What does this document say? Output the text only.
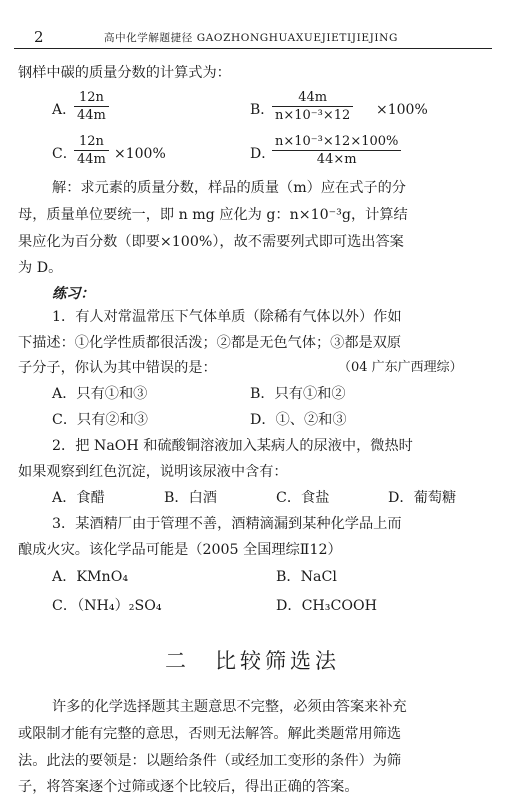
2	高中化学解题捷径 GAOZHONGHUAXUEJIETIJIEJING
钢样中碳的质量分数的计算式为：
A．
$\frac{12n}{44m}$	B．
$\frac{44m}{\text{n×10⁻³×12}} \times 100\%$
C．
$\frac{12n}{44m} \times 100\%$	D．
$\frac{\text{n×10⁻³×12×100\%}}{44\times m}$
解：求元素的质量分数，样品的质量（m）应在式子的分
母，质量单位要统一，即 n mg 应化为 g：n×10⁻³g，计算结
果应化为百分数（即要×100%），故不需要列式即可选出答案
为 D。
练习：
1．有人对常温常压下气体单质（除稀有气体以外）作如
下描述：①化学性质都很活泼；②都是无色气体；③都是双原
子分子，你认为其中错误的是：	（04 广东广西理综）
A．只有①和③	B．只有①和②
C．只有②和③	D．①、②和③
2．把 NaOH 和硫酸铜溶液加入某病人的尿液中，微热时
如果观察到红色沉淀，说明该尿液中含有：
A．食醋	B．白酒	C．食盐	D．葡萄糖
3．某酒精厂由于管理不善，酒精滴漏到某种化学品上而
酿成火灾。该化学品可能是（2005 全国理综Ⅱ12）
A．KMnO₄	B．NaCl
C．（NH₄）₂SO₄	D．CH₃COOH
二　比较筛选法
许多的化学选择题其主题意思不完整，必须由答案来补充
或限制才能有完整的意思，否则无法解答。解此类题常用筛选
法。此法的要领是：以题给条件（或经加工变形的条件）为筛
子，将答案逐个过筛或逐个比较后，得出正确的答案。
